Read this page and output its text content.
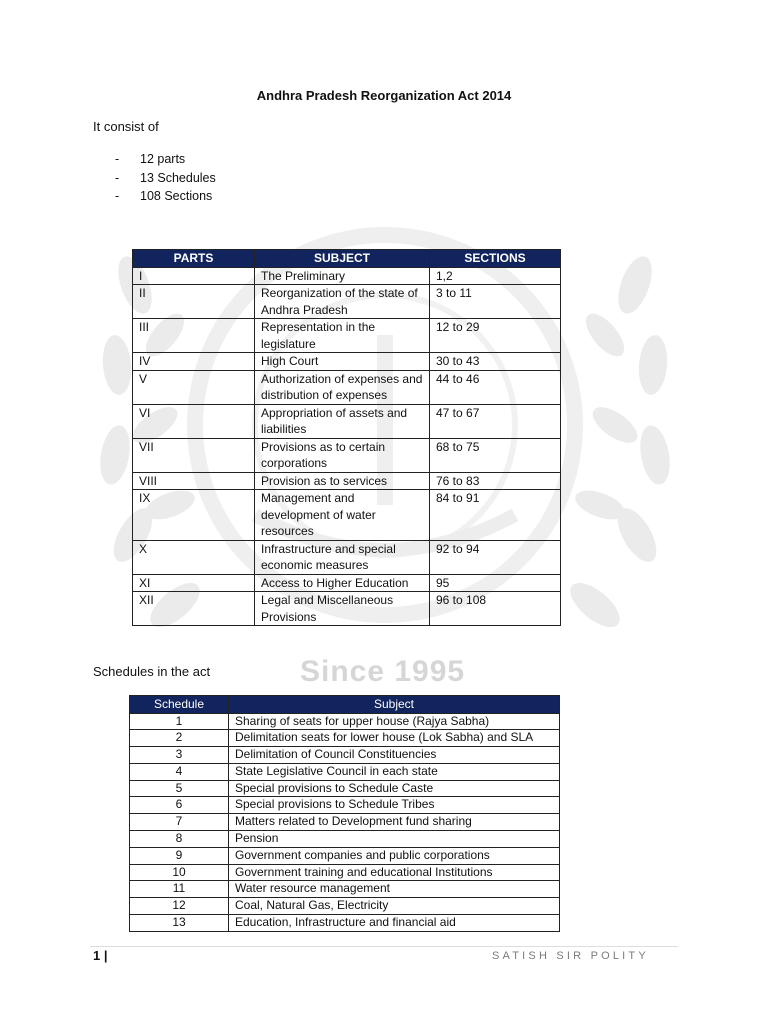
Since 1995
Andhra Pradesh Reorganization Act 2014
It consist of
- 12 parts
- 13 Schedules
- 108 Sections
PARTS	SUBJECT	SECTIONS
I	The Preliminary	1,2
II	Reorganization of the state of Andhra Pradesh	3 to 11
III	Representation in the legislature	12 to 29
IV	High Court	30 to 43
V	Authorization of expenses and distribution of expenses	44 to 46
VI	Appropriation of assets and liabilities	47 to 67
VII	Provisions as to certain corporations	68 to 75
VIII	Provision as to services	76 to 83
IX	Management and development of water resources	84 to 91
X	Infrastructure and special economic measures	92 to 94
XI	Access to Higher Education	95
XII	Legal and Miscellaneous Provisions	96 to 108
Schedules in the act
Schedule	Subject
1	Sharing of seats for upper house (Rajya Sabha)
2	Delimitation seats for lower house (Lok Sabha) and SLA
3	Delimitation of Council Constituencies
4	State Legislative Council in each state
5	Special provisions to Schedule Caste
6	Special provisions to Schedule Tribes
7	Matters related to Development fund sharing
8	Pension
9	Government companies and public corporations
10	Government training and educational Institutions
11	Water resource management
12	Coal, Natural Gas, Electricity
13	Education, Infrastructure and financial aid
1 |	SATISH SIR POLITY
